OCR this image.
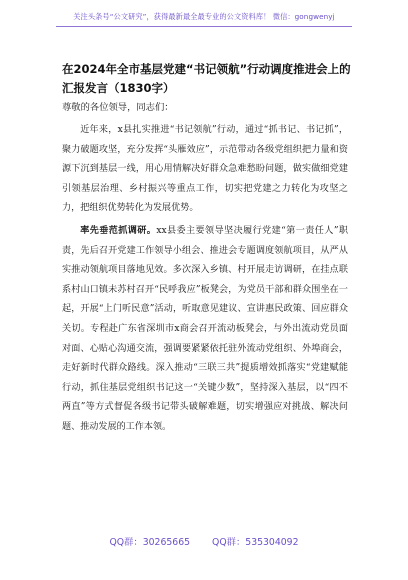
关注头条号“公文研究”，获得最新最全最专业的公文资料库！ 微信：gongwenyj
在2024年全市基层党建“书记领航”行动调度推进会上的汇报发言（1830字）
尊敬的各位领导，同志们：

近年来，x县扎实推进“书记领航”行动，通过“抓书记、书记抓”，聚力破题攻坚，充分发挥“头雁效应”，示范带动各级党组织把力量和资源下沉到基层一线，用心用情解决好群众急难愁盼问题，做实做细党建引领基层治理、乡村振兴等重点工作，切实把党建之力转化为攻坚之力，把组织优势转化为发展优势。

率先垂范抓调研。xx县委主要领导坚决履行党建“第一责任人”职责，先后召开党建工作领导小组会、推进会专题调度领航项目，从严从实推动领航项目落地见效。多次深入乡镇、村开展走访调研，在挂点联系村山口镇未苏村召开“民呼我应”板凳会，为党员干部和群众围坐在一起，开展“上门听民意”活动，听取意见建议、宣讲惠民政策、回应群众关切。专程赴广东省深圳市x商会召开流动板凳会，与外出流动党员面对面、心贴心沟通交流，强调要紧紧依托驻外流动党组织、外埠商会，走好新时代群众路线。深入推动“三联三共”提质增效抓落实“党建赋能行动，抓住基层党组织书记这一“关键少数”，坚持深入基层，以“四不两直”等方式督促各级书记带头破解难题，切实增强应对挑战、解决问题、推动发展的工作本领。

QQ群：30265665 QQ群：535304092
